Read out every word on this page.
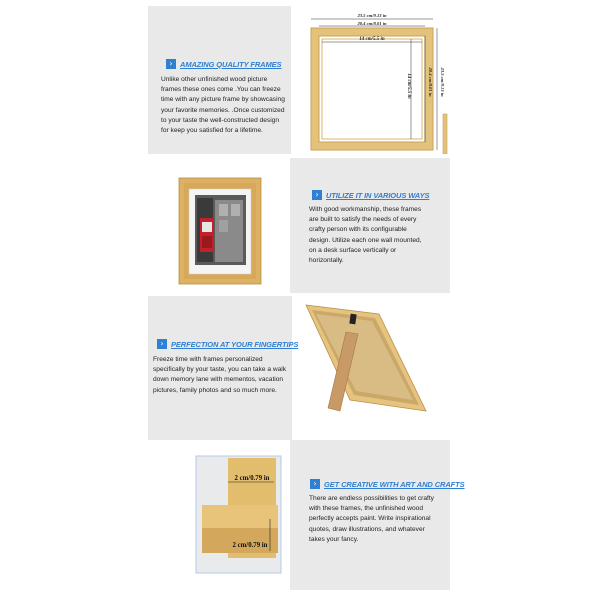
23.5 cm/9.13 in
20.4 cm/8.01 in
14 cm/5.5 in
14 cm/5.5 in	20.4 cm/8.01 in 23.5 cm/9.13 in
› AMAZING QUALITY FRAMES
Unlike other unfinished wood picture frames these ones come .You can freeze time with any picture frame by showcasing your favorite memories. .Once customized to your taste the well-constructed design for keep you satisfied for a lifetime.
› UTILIZE IT IN VARIOUS WAYS
With good workmanship, these frames are built to satisfy the needs of every crafty person with its configurable design. Utilize each one wall mounted, on a desk surface vertically or horizontally.
› PERFECTION AT YOUR FINGERTIPS
Freeze time with frames personalized specifically by your taste, you can take a walk down memory lane with mementos, vacation pictures, family photos and so much more.
2 cm/0.79 in
2 cm/0.79 in
› GET CREATIVE WITH ART AND CRAFTS
There are endless possibilities to get crafty with these frames, the unfinished wood perfectly accepts paint. Write inspirational quotes, draw illustrations, and whatever takes your fancy.
